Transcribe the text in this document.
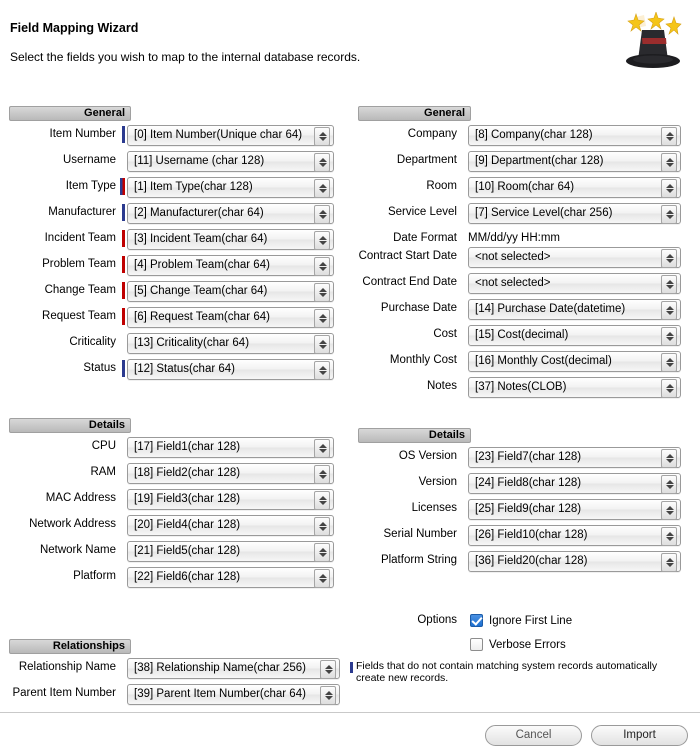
Field Mapping Wizard
Select the fields you wish to map to the internal database records.
General
Item Number [0] Item Number(Unique char 64)
Username [11] Username (char 128)
Item Type [1] Item Type(char 128)
Manufacturer [2] Manufacturer(char 64)
Incident Team [3] Incident Team(char 64)
Problem Team [4] Problem Team(char 64)
Change Team [5] Change Team(char 64)
Request Team [6] Request Team(char 64)
Criticality [13] Criticality(char 64)
Status [12] Status(char 64)
General
Company [8] Company(char 128)
Department [9] Department(char 128)
Room [10] Room(char 64)
Service Level [7] Service Level(char 256)
Date Format MM/dd/yy HH:mm
Contract Start Date <not selected>
Contract End Date <not selected>
Purchase Date [14] Purchase Date(datetime)
Cost [15] Cost(decimal)
Monthly Cost [16] Monthly Cost(decimal)
Notes [37] Notes(CLOB)
Details
CPU [17] Field1(char 128)
RAM [18] Field2(char 128)
MAC Address [19] Field3(char 128)
Network Address [20] Field4(char 128)
Network Name [21] Field5(char 128)
Platform [22] Field6(char 128)
Details
OS Version [23] Field7(char 128)
Version [24] Field8(char 128)
Licenses [25] Field9(char 128)
Serial Number [26] Field10(char 128)
Platform String [36] Field20(char 128)
Options	Ignore First Line
Verbose Errors
Fields that do not contain matching system records automatically create new records.
Relationships
Relationship Name [38] Relationship Name(char 256)
Parent Item Number [39] Parent Item Number(char 64)
Cancel	Import
